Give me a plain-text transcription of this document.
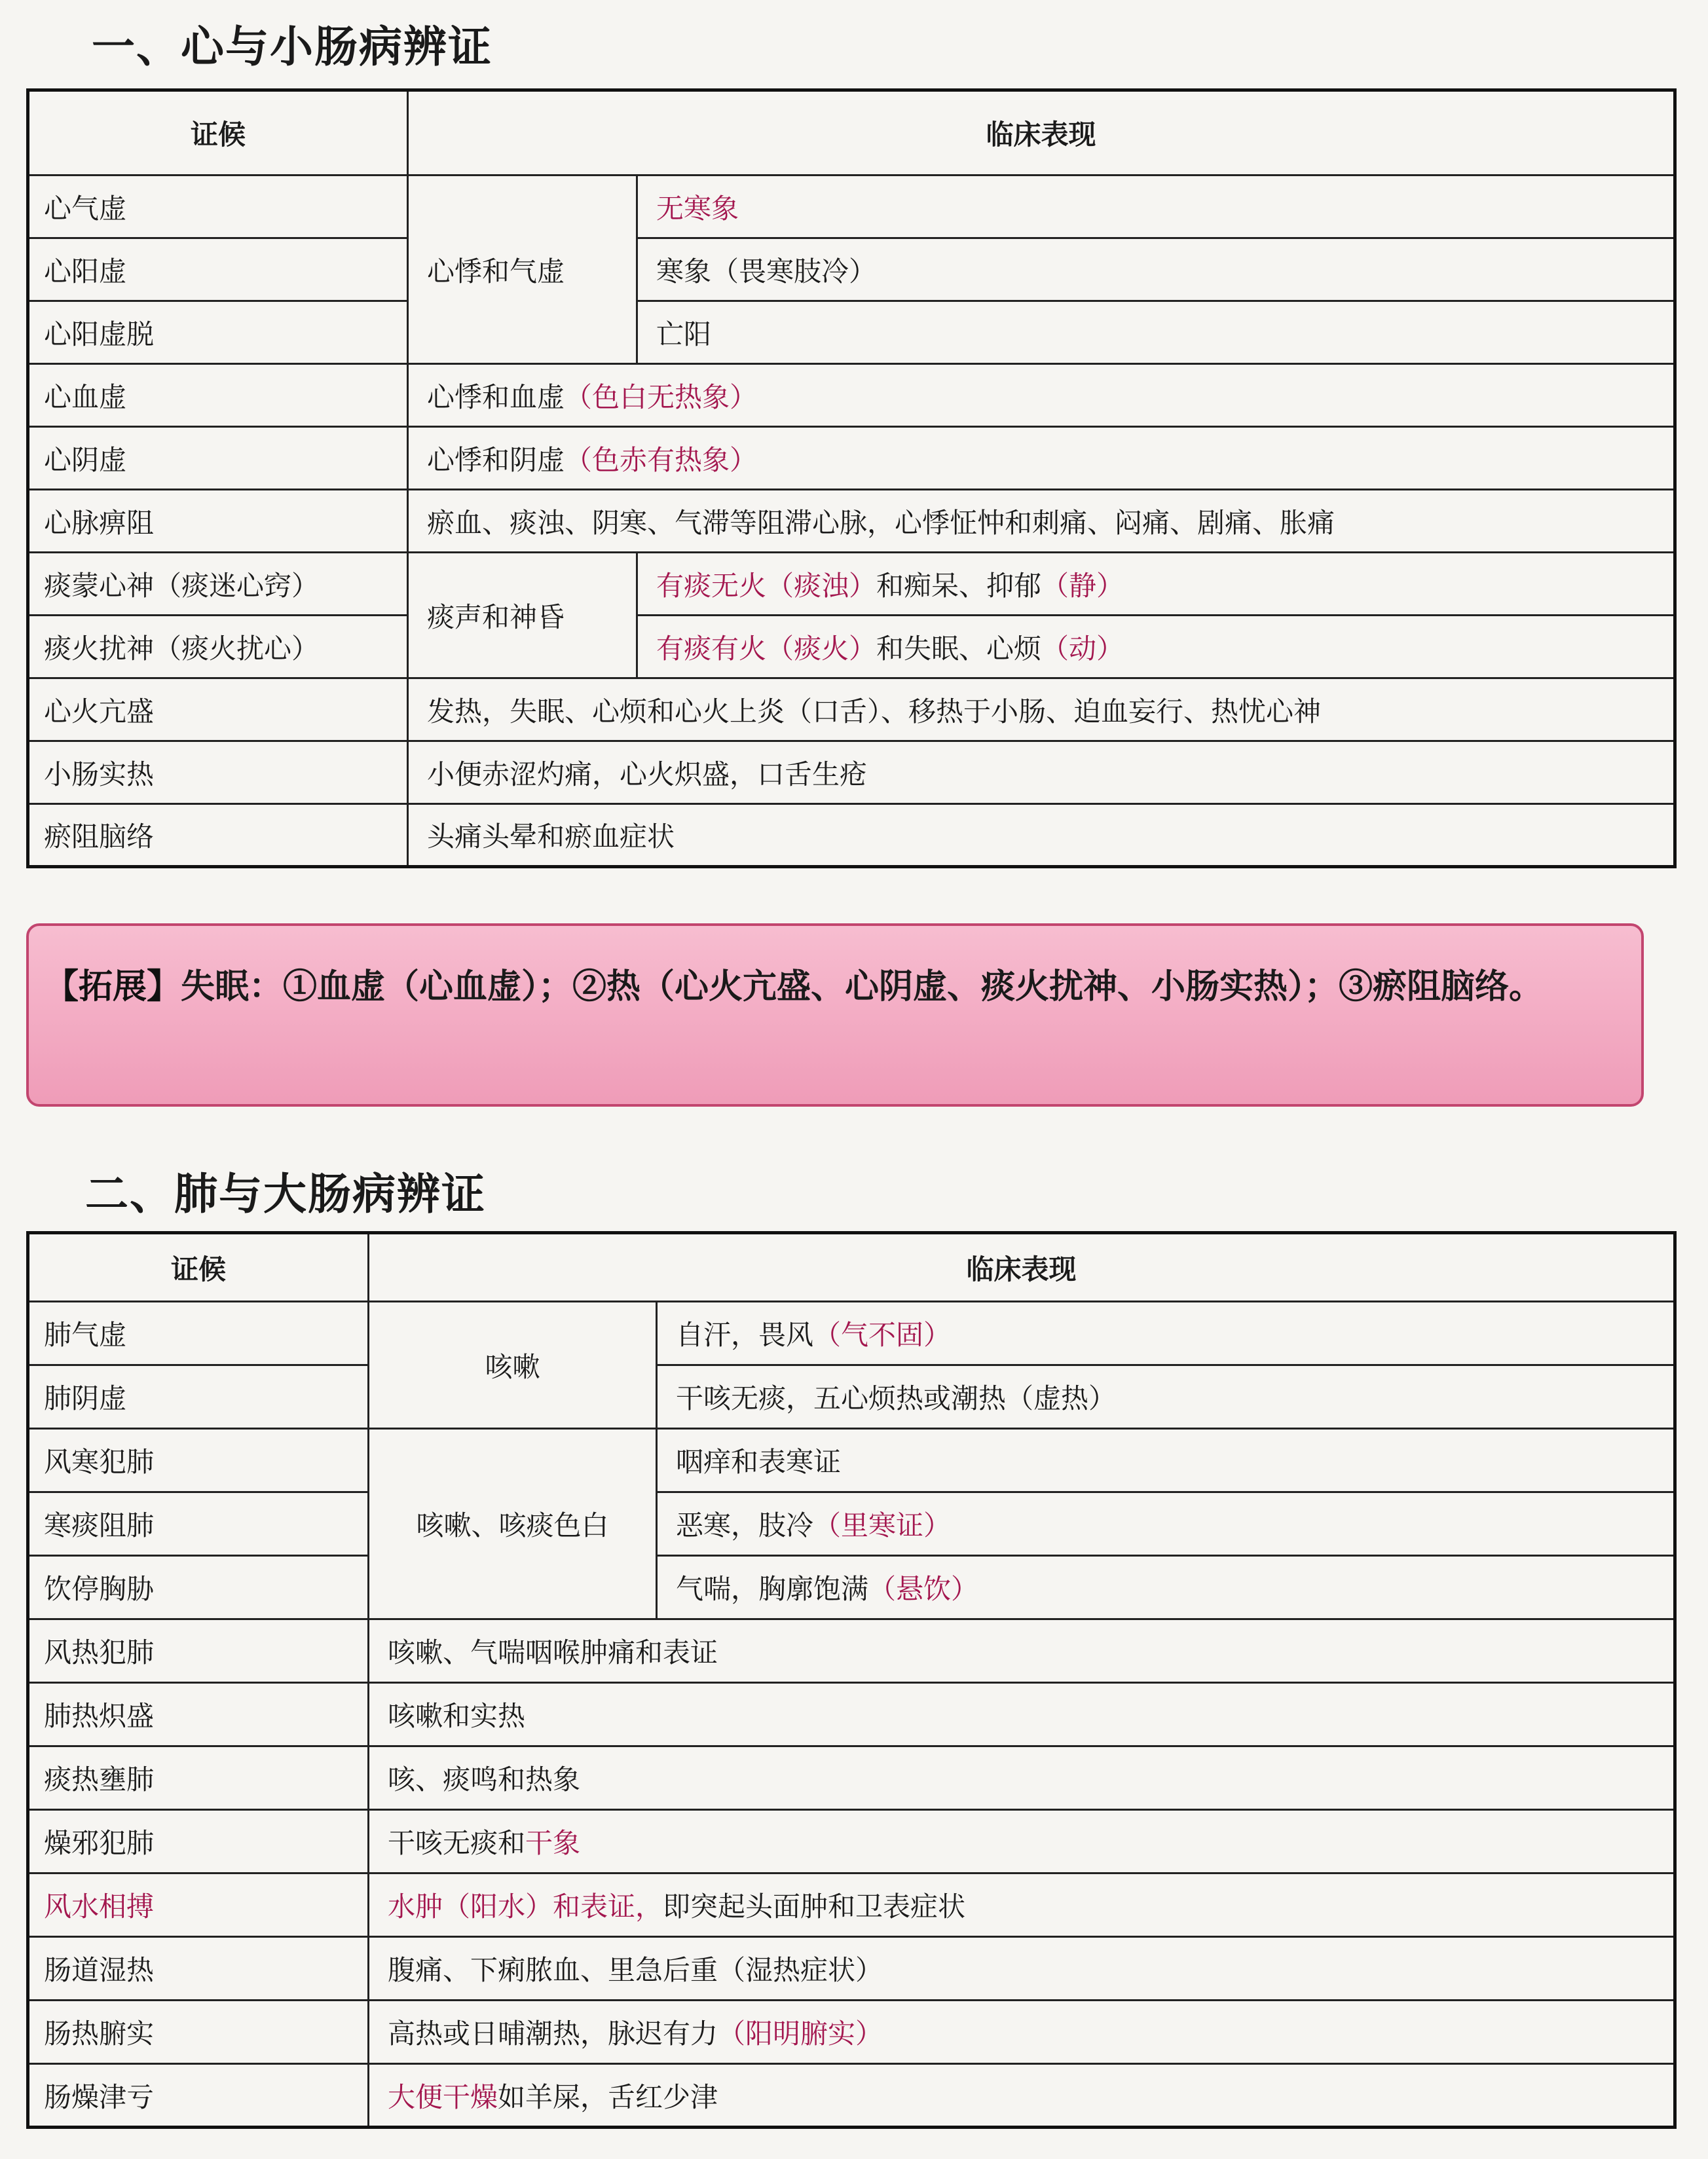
一、心与小肠病辨证
证候	临床表现	
心气虚	心悸和气虚	无寒象
心阳虚		寒象（畏寒肢冷）
心阳虚脱		亡阳
心血虚	心悸和血虚（色白无热象）	
心阴虚	心悸和阴虚（色赤有热象）	
心脉痹阻	瘀血、痰浊、阴寒、气滞等阻滞心脉，心悸怔忡和刺痛、闷痛、剧痛、胀痛	
痰蒙心神（痰迷心窍）	痰声和神昏	有痰无火（痰浊）和痴呆、抑郁（静）
痰火扰神（痰火扰心）		有痰有火（痰火）和失眠、心烦（动）
心火亢盛	发热，失眠、心烦和心火上炎（口舌）、移热于小肠、迫血妄行、热忧心神	
小肠实热	小便赤涩灼痛，心火炽盛，口舌生疮	
瘀阻脑络	头痛头晕和瘀血症状	
【拓展】失眠：①血虚（心血虚）；②热（心火亢盛、心阴虚、痰火扰神、小肠实热）；③瘀阻脑络。
二、肺与大肠病辨证
证候	临床表现	
肺气虚	咳嗽	自汗，畏风（气不固）
肺阴虚		干咳无痰，五心烦热或潮热（虚热）
风寒犯肺	咳嗽、咳痰色白	咽痒和表寒证
寒痰阻肺		恶寒，肢冷（里寒证）
饮停胸胁		气喘，胸廓饱满（悬饮）
风热犯肺	咳嗽、气喘咽喉肿痛和表证	
肺热炽盛	咳嗽和实热	
痰热壅肺	咳、痰鸣和热象	
燥邪犯肺	干咳无痰和干象	
风水相搏	水肿（阳水）和表证，即突起头面肿和卫表症状	
肠道湿热	腹痛、下痢脓血、里急后重（湿热症状）	
肠热腑实	高热或日晡潮热，脉迟有力（阳明腑实）	
肠燥津亏	大便干燥如羊屎，舌红少津	
